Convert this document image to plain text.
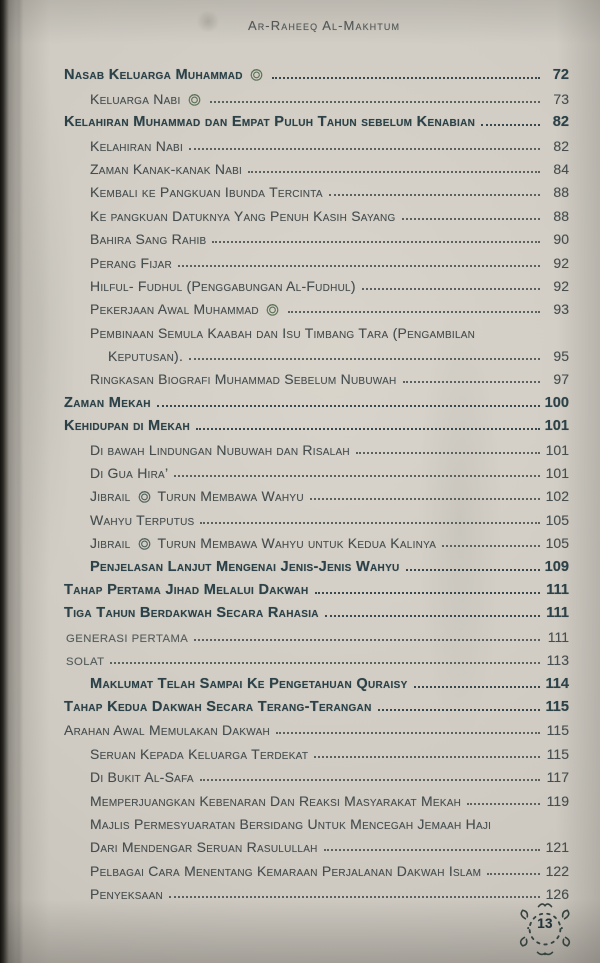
Ar-Raheeq Al-Makhtum
Nasab Keluarga Muhammad	72
Keluarga Nabi	73
Kelahiran Muhammad dan Empat Puluh Tahun sebelum Kenabian	82
Kelahiran Nabi	82
Zaman Kanak-kanak Nabi	84
Kembali ke Pangkuan Ibunda Tercinta	88
Ke pangkuan Datuknya Yang Penuh Kasih Sayang	88
Bahira Sang Rahib	90
Perang Fijar	92
Hilful- Fudhul (Penggabungan Al-Fudhul)	92
Pekerjaan Awal Muhammad	93
Pembinaan Semula Kaabah dan Isu Timbang Tara (Pengambilan
Keputusan).	95
Ringkasan Biografi Muhammad Sebelum Nubuwah	97
Zaman Mekah	100
Kehidupan di Mekah	101
Di bawah Lindungan Nubuwah dan Risalah	101
Di Gua Hira’	101
Jibrail  Turun Membawa Wahyu	102
Wahyu Terputus	105
Jibrail  Turun Membawa Wahyu untuk Kedua Kalinya	105
Penjelasan Lanjut Mengenai Jenis-Jenis Wahyu	109
Tahap Pertama Jihad Melalui Dakwah	111
Tiga Tahun Berdakwah Secara Rahasia	111
GENERASI PERTAMA	111
SOLAT	113
Maklumat Telah Sampai Ke Pengetahuan Quraisy	114
Tahap Kedua Dakwah Secara Terang-Terangan	115
Arahan Awal Memulakan Dakwah	115
Seruan Kepada Keluarga Terdekat	115
Di Bukit Al-Safa	117
Memperjuangkan Kebenaran Dan Reaksi Masyarakat Mekah	119
Majlis Permesyuaratan Bersidang Untuk Mencegah Jemaah Haji
Dari Mendengar Seruan Rasulullah	121
Pelbagai Cara Menentang Kemaraan Perjalanan Dakwah Islam	122
Penyeksaan	126
13
